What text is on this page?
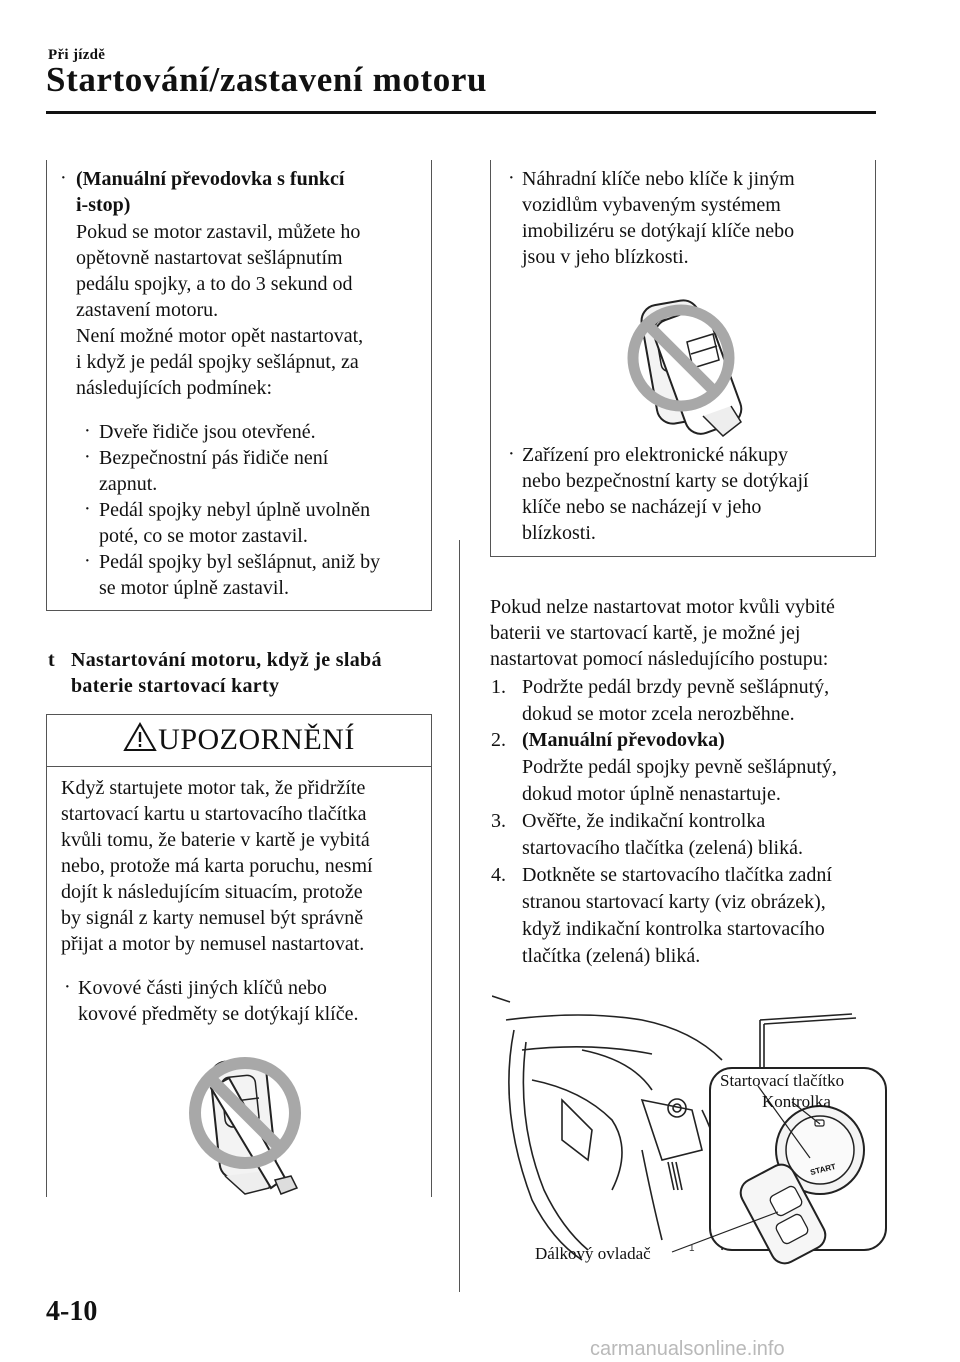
Při jízdě
Startování/zastavení motoru
· (Manuální převodovka s funkcí
i-stop)
Pokud se motor zastavil, můžete ho
opětovně nastartovat sešlápnutím
pedálu spojky, a to do 3 sekund od
zastavení motoru.
Není možné motor opět nastartovat,
i když je pedál spojky sešlápnut, za
následujících podmínek:
· Dveře řidiče jsou otevřené.
· Bezpečnostní pás řidiče není
zapnut.
· Pedál spojky nebyl úplně uvolněn
poté, co se motor zastavil.
· Pedál spojky byl sešlápnut, aniž by
se motor úplně zastavil.
t Nastartování motoru, když je slabá
baterie startovací karty
UPOZORNĚNÍ
Když startujete motor tak, že přidržíte
startovací kartu u startovacího tlačítka
kvůli tomu, že baterie v kartě je vybitá
nebo, protože má karta poruchu, nesmí
dojít k následujícím situacím, protože
by signál z karty nemusel být správně
přijat a motor by nemusel nastartovat.
· Kovové části jiných klíčů nebo
kovové předměty se dotýkají klíče.
· Náhradní klíče nebo klíče k jiným
vozidlům vybaveným systémem
imobilizéru se dotýkají klíče nebo
jsou v jeho blízkosti.
· Zařízení pro elektronické nákupy
nebo bezpečnostní karty se dotýkají
klíče nebo se nacházejí v jeho
blízkosti.
Pokud nelze nastartovat motor kvůli vybité
baterii ve startovací kartě, je možné jej
nastartovat pomocí následujícího postupu:
1. Podržte pedál brzdy pevně sešlápnutý,
dokud se motor zcela nerozběhne.
2. (Manuální převodovka)
Podržte pedál spojky pevně sešlápnutý,
dokud motor úplně nenastartuje.
3. Ověřte, že indikační kontrolka
startovacího tlačítka (zelená) bliká.
4. Dotkněte se startovacího tlačítka zadní
stranou startovací karty (viz obrázek),
když indikační kontrolka startovacího
tlačítka (zelená) bliká.
Startovací tlačítko
Kontrolka
Dálkový ovladač
START
1
4-10
carmanualsonline.info
